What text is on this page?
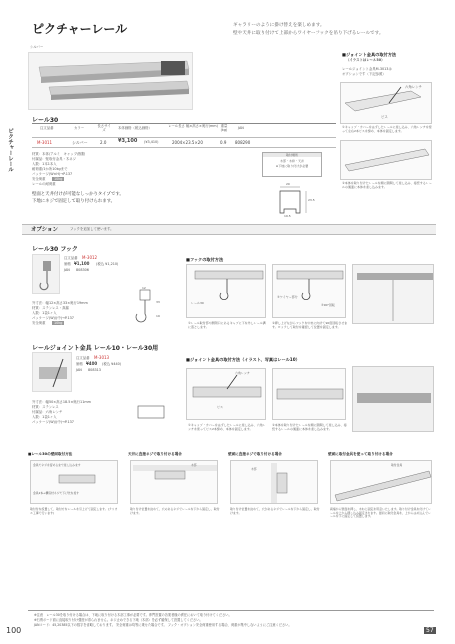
ピクチャーレール	ギャラリーのように掛け替えを楽しめます。
壁や天井に取り付けて上部からワイヤーフックを吊り下げるレールです。
ピクチャーレール
シルバー
■ジョイント金具の取付方法
（イラストはレール30）
レールジョイント金具M-3013は
オプションです（下記参照）
六角レンチ
ビス
①キャップ・カバーをはずしたレールに差し込み、六角レンチを使って左右2本ビスを締め、本体を固定します。
②本体を取り付けたレールを順に隙間して差し込み、接続するレールの裏面に本体を差し込みます。
レール30
注文品番	カラー	長さサイズ
本体価格（税込価格）	レール長さ 幅×高さ×奥行(mm) 重量(kg)
JAN
M-3011	シルバー	2.0 ¥3,100 (¥3,410)	2004×23.5×20	0.9 808290
材質：本体/アルミ　キャップ/樹脂
付属品：壁取付金具・木ネジ
入数：1本1本入
耐荷重/1か所10kgまで
バッケージ(W×H)→P.137
安全荷重	10kg
レールの耐荷重
壁面と天井付けが可能なしっかりタイプです。
下地にネジで固定して取り付けられます。
取付場所
木部・木枠・天井
※下地に取り付けが必要
20
23.5
19.5
オプション	フックを追加して使います。
レール30 フック
注文品番 M-3012
価格 ¥1,100 (税込 ¥1,210)
JAN 808306
12
33
19
外寸法：幅12×高さ33×奥行19mm
材質：ステンレス・真鍮
入数：1袋1ヶ入
パッケージ(W)/(中)→P.137
安全荷重	10kg
■フックの取付方法
レール30
③ワイヤー部分
④90°回転
①レール取付部や開閉口にあるキャプに下を外しレール溝に落とします。
②押し上げながらフックを中央に向けて90度回転させます。ロックして取付を確認して位置を固定します。
レールジョイント金具 レール10・レール30用
注文品番 M-3013
価格 ¥400 (税込 ¥440)
JAN 808313
外寸法：幅50×高さ18.5×奥行11mm
材質：ステンレス
付属品：六角レンチ
入数：1袋1ヶ入
パッケージ(W)/(中)→P.137
■ジョイント金具の取付方法（イラスト、写真はレール10）
六角レンチ
ビス
①キャップ・カバーをはずしたレールに差し込み、六角レンチを使ってビス2本締め、本体を固定します。
②本体を取り付けたレールを順に隙間して差し込み、接続するレールの裏面に本体を差し込みます。
■レール30の壁面取付方法
金具でネジを留めるまで差し込みます
金具2本→構造材ネジで下げ先を差す
取付付を設置して、取付方をレールを引上げて固定します。(クリカエ工事で行います)
天井に直接ネジで取り付ける場合
木部
取り付け位置を決めて、穴のあるネジでレールを下から固定し、取付けます。
壁面に直接ネジで取り付ける場合
木部
取り付け位置を決めて、穴があるネジでレールを下から固定し、取付けます。
壁面に取付金具を使って取り付ける場合
取付金具
両端から壁面を押し、木ねじ固定を用意いたします。取り付け金具を付けてレールを上から押し込み固定されます。最初に取付金具を、上からはめ込んでレールを下に固定して設置します。
※注意　レール30を取り付ける場合は、下地に取り付ける木部工事が必要です。専門設置の各業者様の責任において取り付けてください。
※石膏ボード面に直接取り付け強度が得られません。ネジ止めできる下地（木部）を必ず確保して設置してください。
JANコード：45,20385以下の数字を省略しております。 安全荷重は均等に乗せた場合です。 フック・オプション安全荷重使用する場合、荷重が集中しないようにご注意ください。
100	57
